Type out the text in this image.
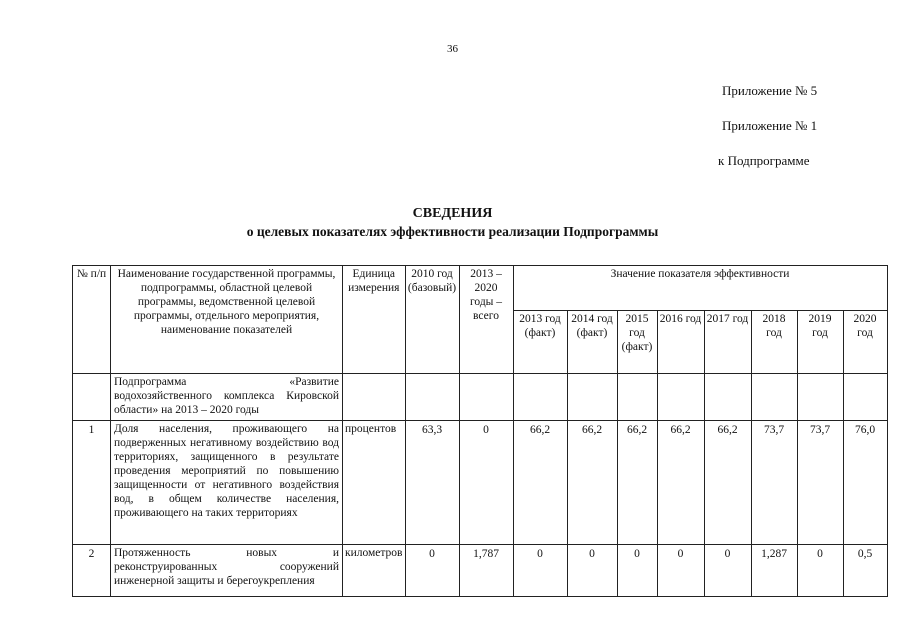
36
Приложение № 5
Приложение № 1
к Подпрограмме
СВЕДЕНИЯ
о целевых показателях эффективности реализации Подпрограммы
№ п/п	Наименование государственной программы, подпрограммы, областной целевой программы, ведомственной целевой программы, отдельного мероприятия, наименование показателей	Единица измерения	2010 год (базовый)	2013 – 2020 годы – всего	Значение показателя эффективности							
					2013 год (факт)	2014 год (факт)	2015 год (факт)	2016 год	2017 год	2018 год	2019 год	2020 год
	Подпрограмма «Развитие водохозяйственного комплекса Кировской области» на 2013 – 2020 годы											
1	Доля населения, проживающего на подверженных негативному воздействию вод территориях, защищенного в результате проведения мероприятий по повышению защищенности от негативного воздействия вод, в общем количестве населения, проживающего на таких территориях	процентов	63,3	0	66,2	66,2	66,2	66,2	66,2	73,7	73,7	76,0
2	Протяженность новых и реконструированных сооружений инженерной защиты и берегоукрепления	километров	0	1,787	0	0	0	0	0	1,287	0	0,5
